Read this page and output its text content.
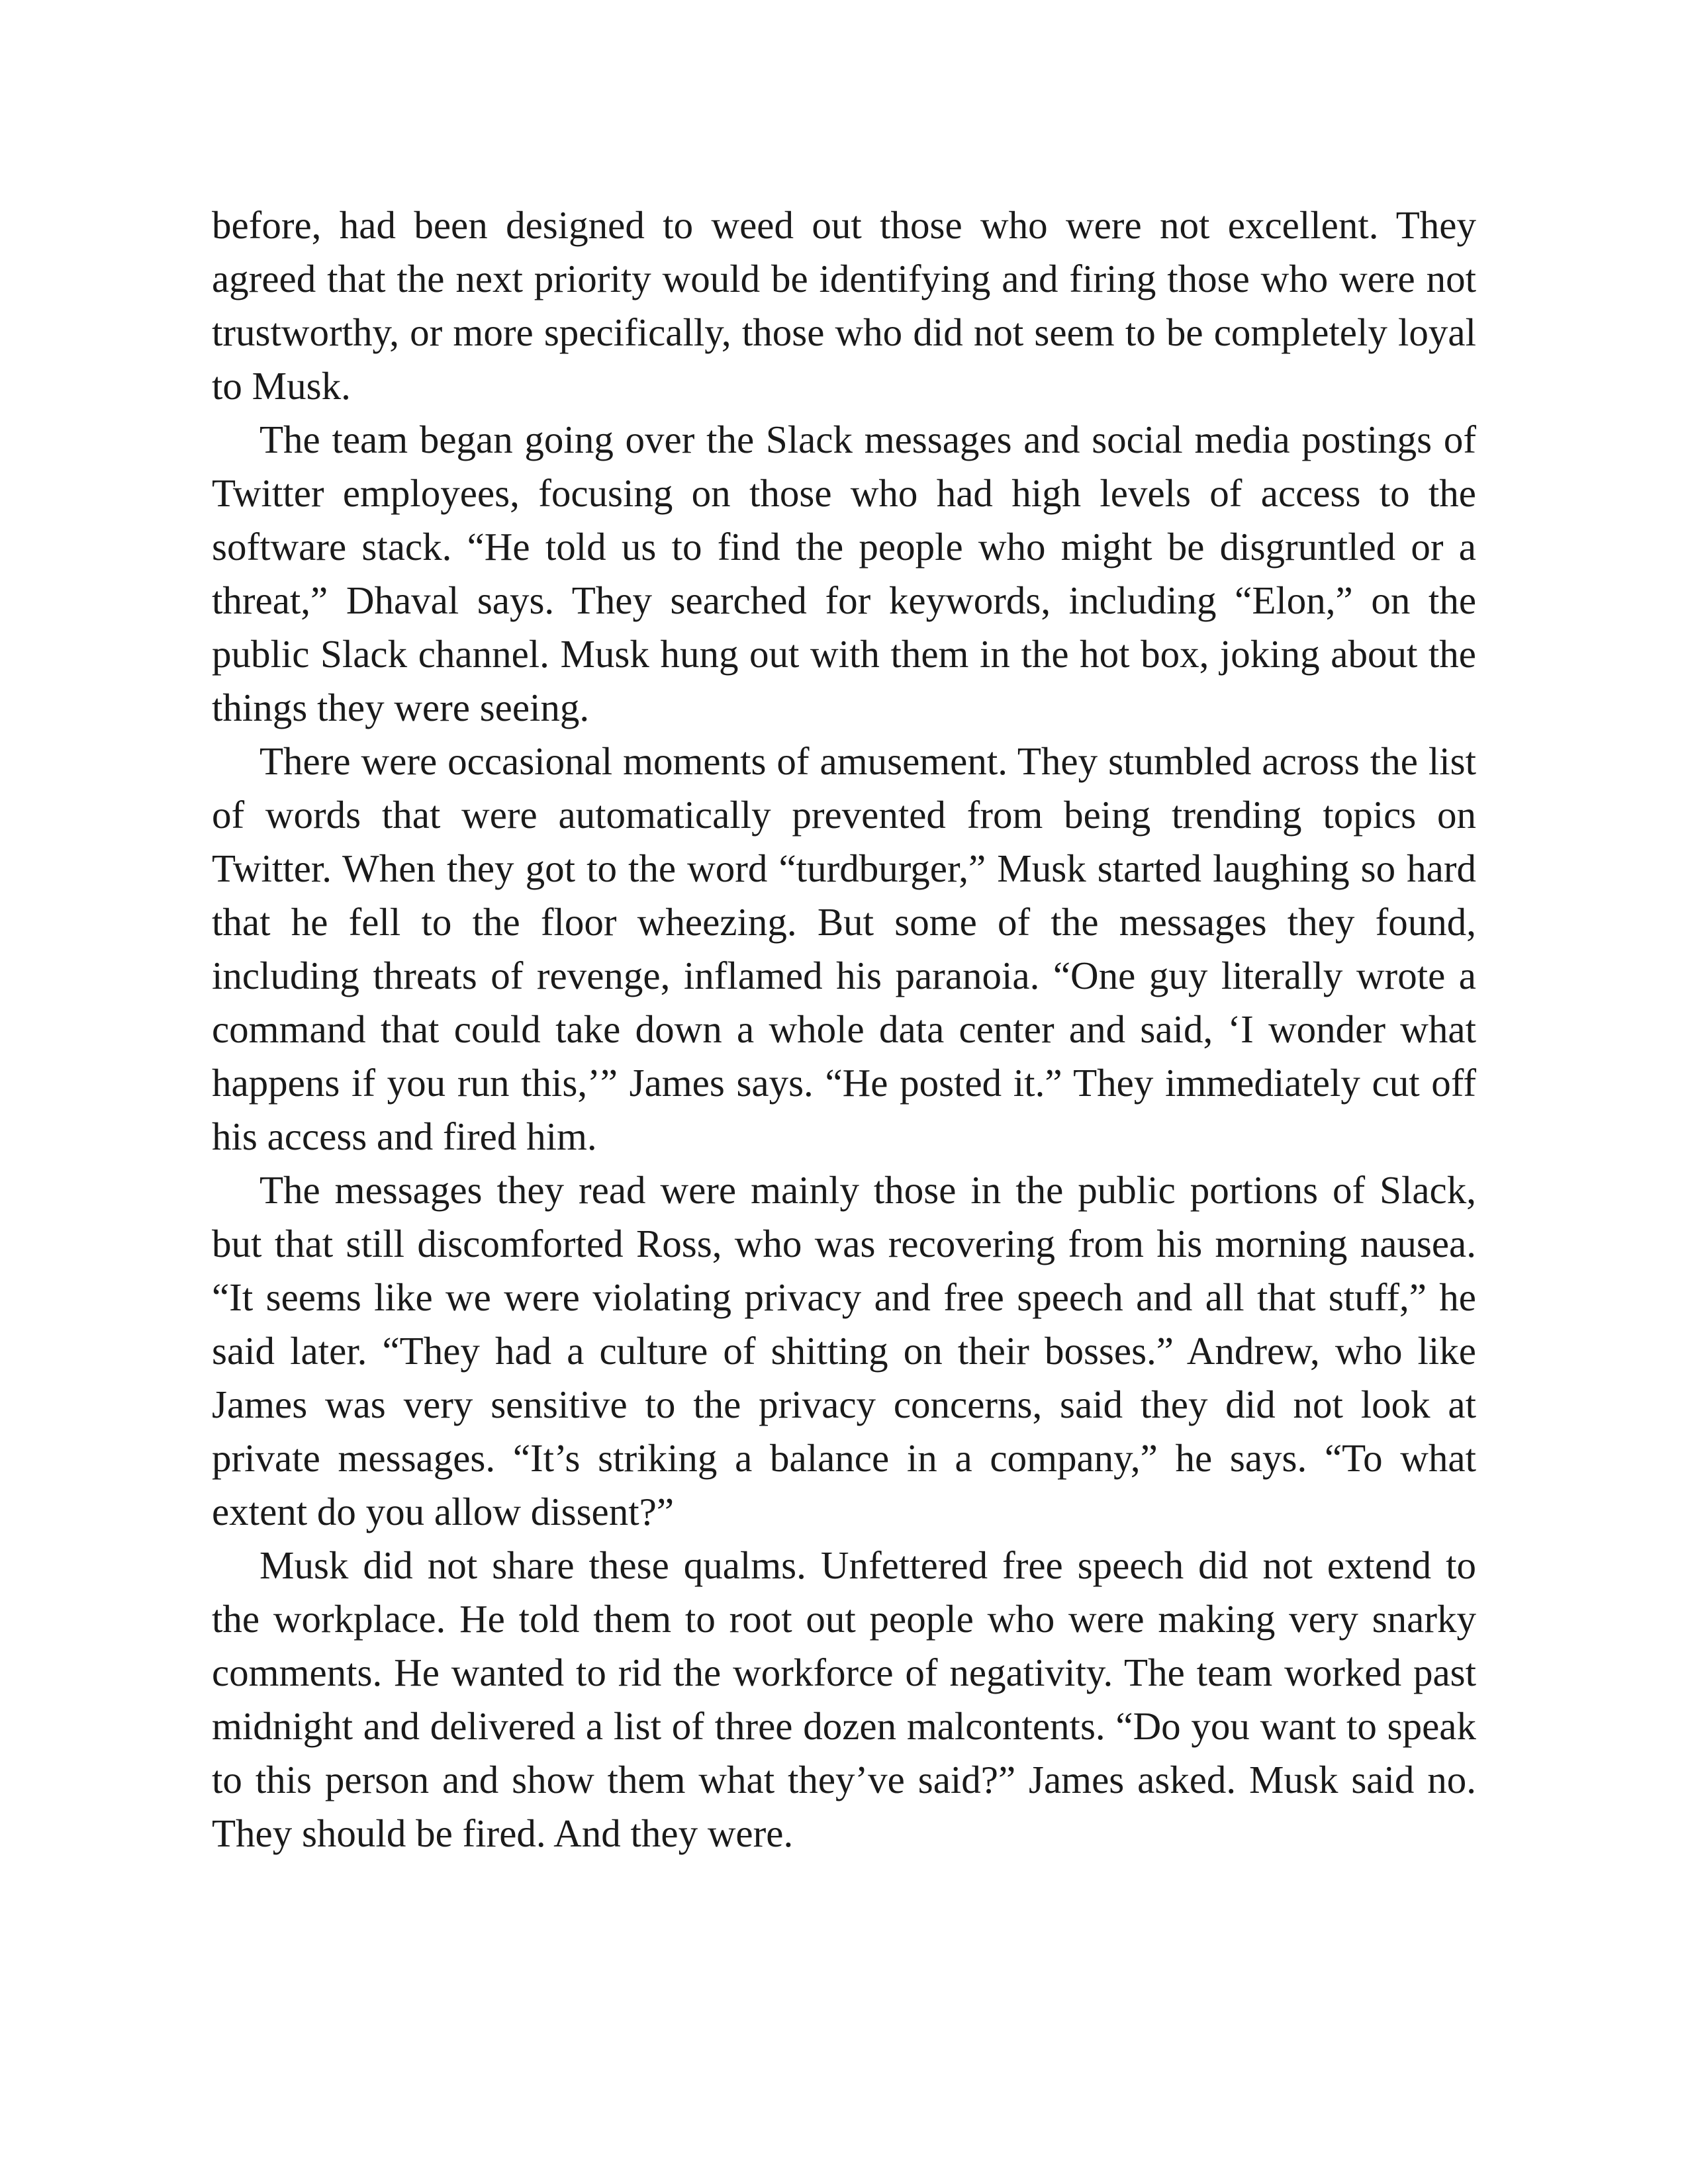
before, had been designed to weed out those who were not excellent. They agreed that the next priority would be identifying and firing those who were not trustworthy, or more specifically, those who did not seem to be completely loyal to Musk.

The team began going over the Slack messages and social media postings of Twitter employees, focusing on those who had high levels of access to the software stack. “He told us to find the people who might be disgruntled or a threat,” Dhaval says. They searched for keywords, including “Elon,” on the public Slack channel. Musk hung out with them in the hot box, joking about the things they were seeing.

There were occasional moments of amusement. They stumbled across the list of words that were automatically prevented from being trending topics on Twitter. When they got to the word “turdburger,” Musk started laughing so hard that he fell to the floor wheezing. But some of the messages they found, including threats of revenge, inflamed his paranoia. “One guy literally wrote a command that could take down a whole data center and said, ‘I wonder what happens if you run this,’” James says. “He posted it.” They immediately cut off his access and fired him.

The messages they read were mainly those in the public portions of Slack, but that still discomforted Ross, who was recovering from his morning nausea. “It seems like we were violating privacy and free speech and all that stuff,” he said later. “They had a culture of shitting on their bosses.” Andrew, who like James was very sensitive to the privacy concerns, said they did not look at private messages. “It’s striking a balance in a company,” he says. “To what extent do you allow dissent?”

Musk did not share these qualms. Unfettered free speech did not extend to the workplace. He told them to root out people who were making very snarky comments. He wanted to rid the workforce of negativity. The team worked past midnight and delivered a list of three dozen malcontents. “Do you want to speak to this person and show them what they’ve said?” James asked. Musk said no. They should be fired. And they were.
